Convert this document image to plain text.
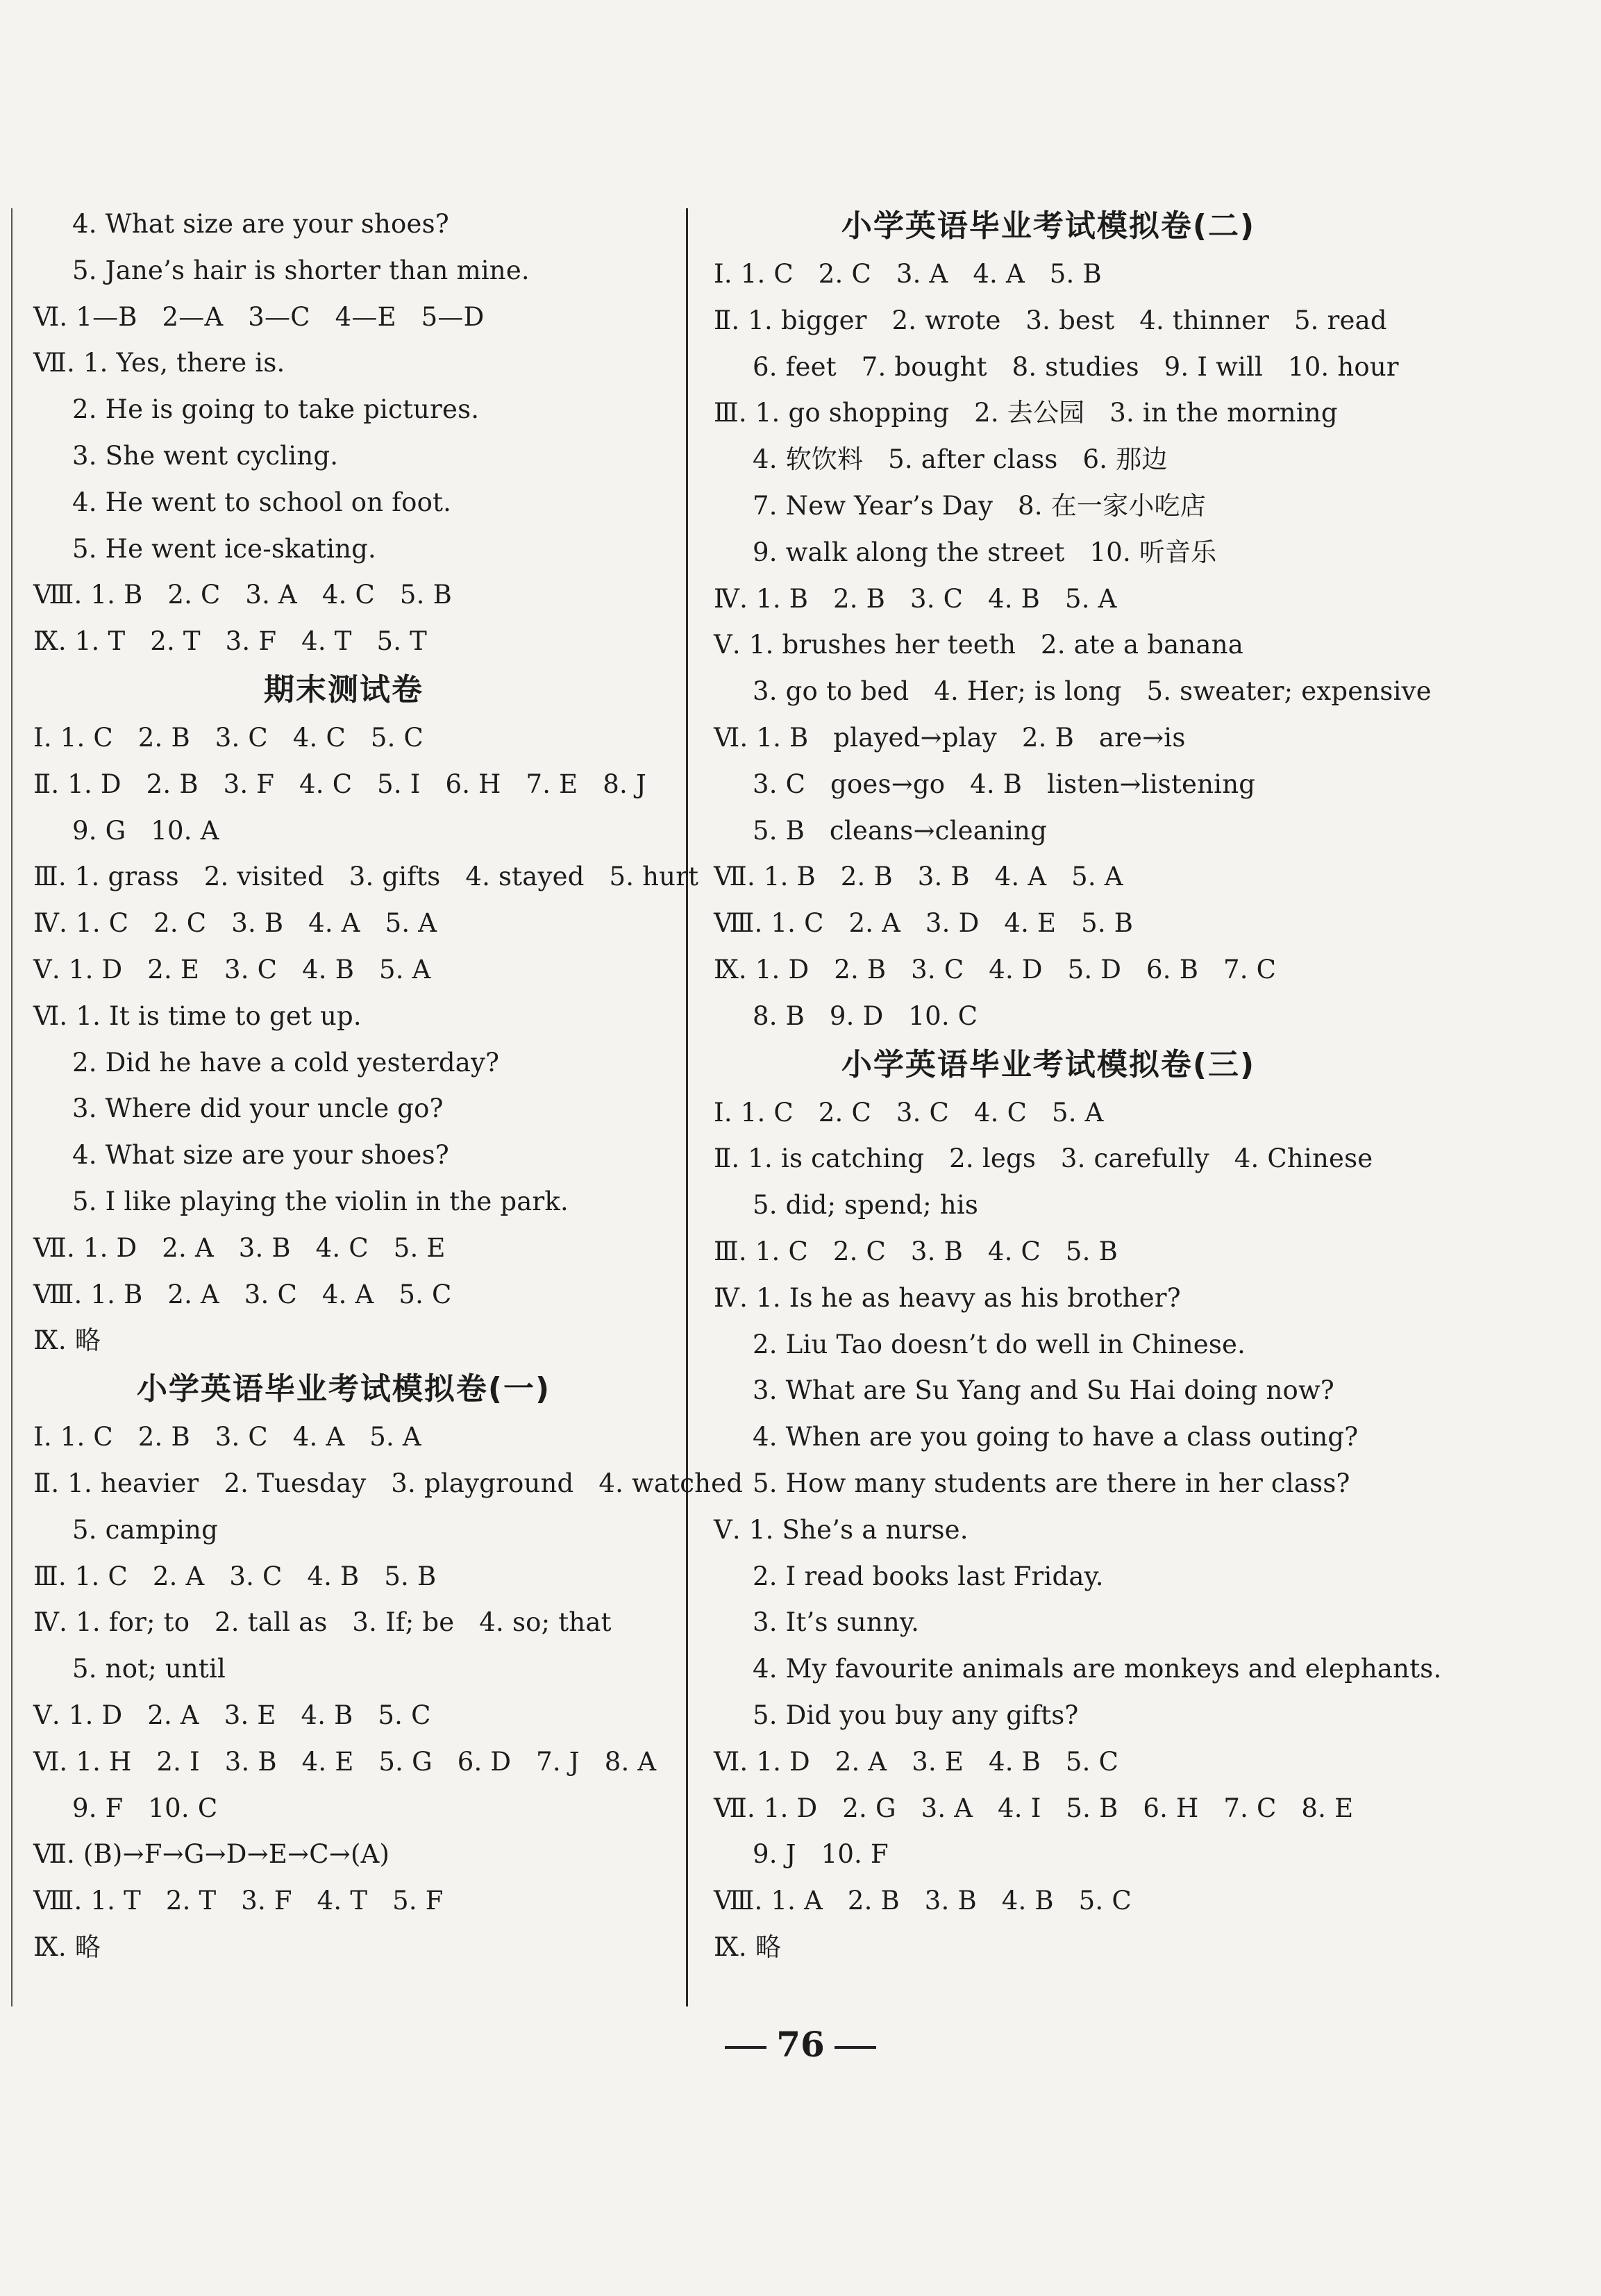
4. What size are your shoes?
5. Jane’s hair is shorter than mine.
Ⅵ. 1—B   2—A   3—C   4—E   5—D
Ⅶ. 1. Yes, there is.
2. He is going to take pictures.
3. She went cycling.
4. He went to school on foot.
5. He went ice-skating.
Ⅷ. 1. B   2. C   3. A   4. C   5. B
Ⅸ. 1. T   2. T   3. F   4. T   5. T
期末测试卷
Ⅰ. 1. C   2. B   3. C   4. C   5. C
Ⅱ. 1. D   2. B   3. F   4. C   5. I   6. H   7. E   8. J
9. G   10. A
Ⅲ. 1. grass   2. visited   3. gifts   4. stayed   5. hurt
Ⅳ. 1. C   2. C   3. B   4. A   5. A
Ⅴ. 1. D   2. E   3. C   4. B   5. A
Ⅵ. 1. It is time to get up.
2. Did he have a cold yesterday?
3. Where did your uncle go?
4. What size are your shoes?
5. I like playing the violin in the park.
Ⅶ. 1. D   2. A   3. B   4. C   5. E
Ⅷ. 1. B   2. A   3. C   4. A   5. C
Ⅸ. 略
小学英语毕业考试模拟卷(一)
Ⅰ. 1. C   2. B   3. C   4. A   5. A
Ⅱ. 1. heavier   2. Tuesday   3. playground   4. watched
5. camping
Ⅲ. 1. C   2. A   3. C   4. B   5. B
Ⅳ. 1. for; to   2. tall as   3. If; be   4. so; that
5. not; until
Ⅴ. 1. D   2. A   3. E   4. B   5. C
Ⅵ. 1. H   2. I   3. B   4. E   5. G   6. D   7. J   8. A
9. F   10. C
Ⅶ. (B)→F→G→D→E→C→(A)
Ⅷ. 1. T   2. T   3. F   4. T   5. F
Ⅸ. 略
小学英语毕业考试模拟卷(二)
Ⅰ. 1. C   2. C   3. A   4. A   5. B
Ⅱ. 1. bigger   2. wrote   3. best   4. thinner   5. read
6. feet   7. bought   8. studies   9. I will   10. hour
Ⅲ. 1. go shopping   2. 去公园   3. in the morning
4. 软饮料   5. after class   6. 那边
7. New Year’s Day   8. 在一家小吃店
9. walk along the street   10. 听音乐
Ⅳ. 1. B   2. B   3. C   4. B   5. A
Ⅴ. 1. brushes her teeth   2. ate a banana
3. go to bed   4. Her; is long   5. sweater; expensive
Ⅵ. 1. B   played→play   2. B   are→is
3. C   goes→go   4. B   listen→listening
5. B   cleans→cleaning
Ⅶ. 1. B   2. B   3. B   4. A   5. A
Ⅷ. 1. C   2. A   3. D   4. E   5. B
Ⅸ. 1. D   2. B   3. C   4. D   5. D   6. B   7. C
8. B   9. D   10. C
小学英语毕业考试模拟卷(三)
Ⅰ. 1. C   2. C   3. C   4. C   5. A
Ⅱ. 1. is catching   2. legs   3. carefully   4. Chinese
5. did; spend; his
Ⅲ. 1. C   2. C   3. B   4. C   5. B
Ⅳ. 1. Is he as heavy as his brother?
2. Liu Tao doesn’t do well in Chinese.
3. What are Su Yang and Su Hai doing now?
4. When are you going to have a class outing?
5. How many students are there in her class?
Ⅴ. 1. She’s a nurse.
2. I read books last Friday.
3. It’s sunny.
4. My favourite animals are monkeys and elephants.
5. Did you buy any gifts?
Ⅵ. 1. D   2. A   3. E   4. B   5. C
Ⅶ. 1. D   2. G   3. A   4. I   5. B   6. H   7. C   8. E
9. J   10. F
Ⅷ. 1. A   2. B   3. B   4. B   5. C
Ⅸ. 略
76
